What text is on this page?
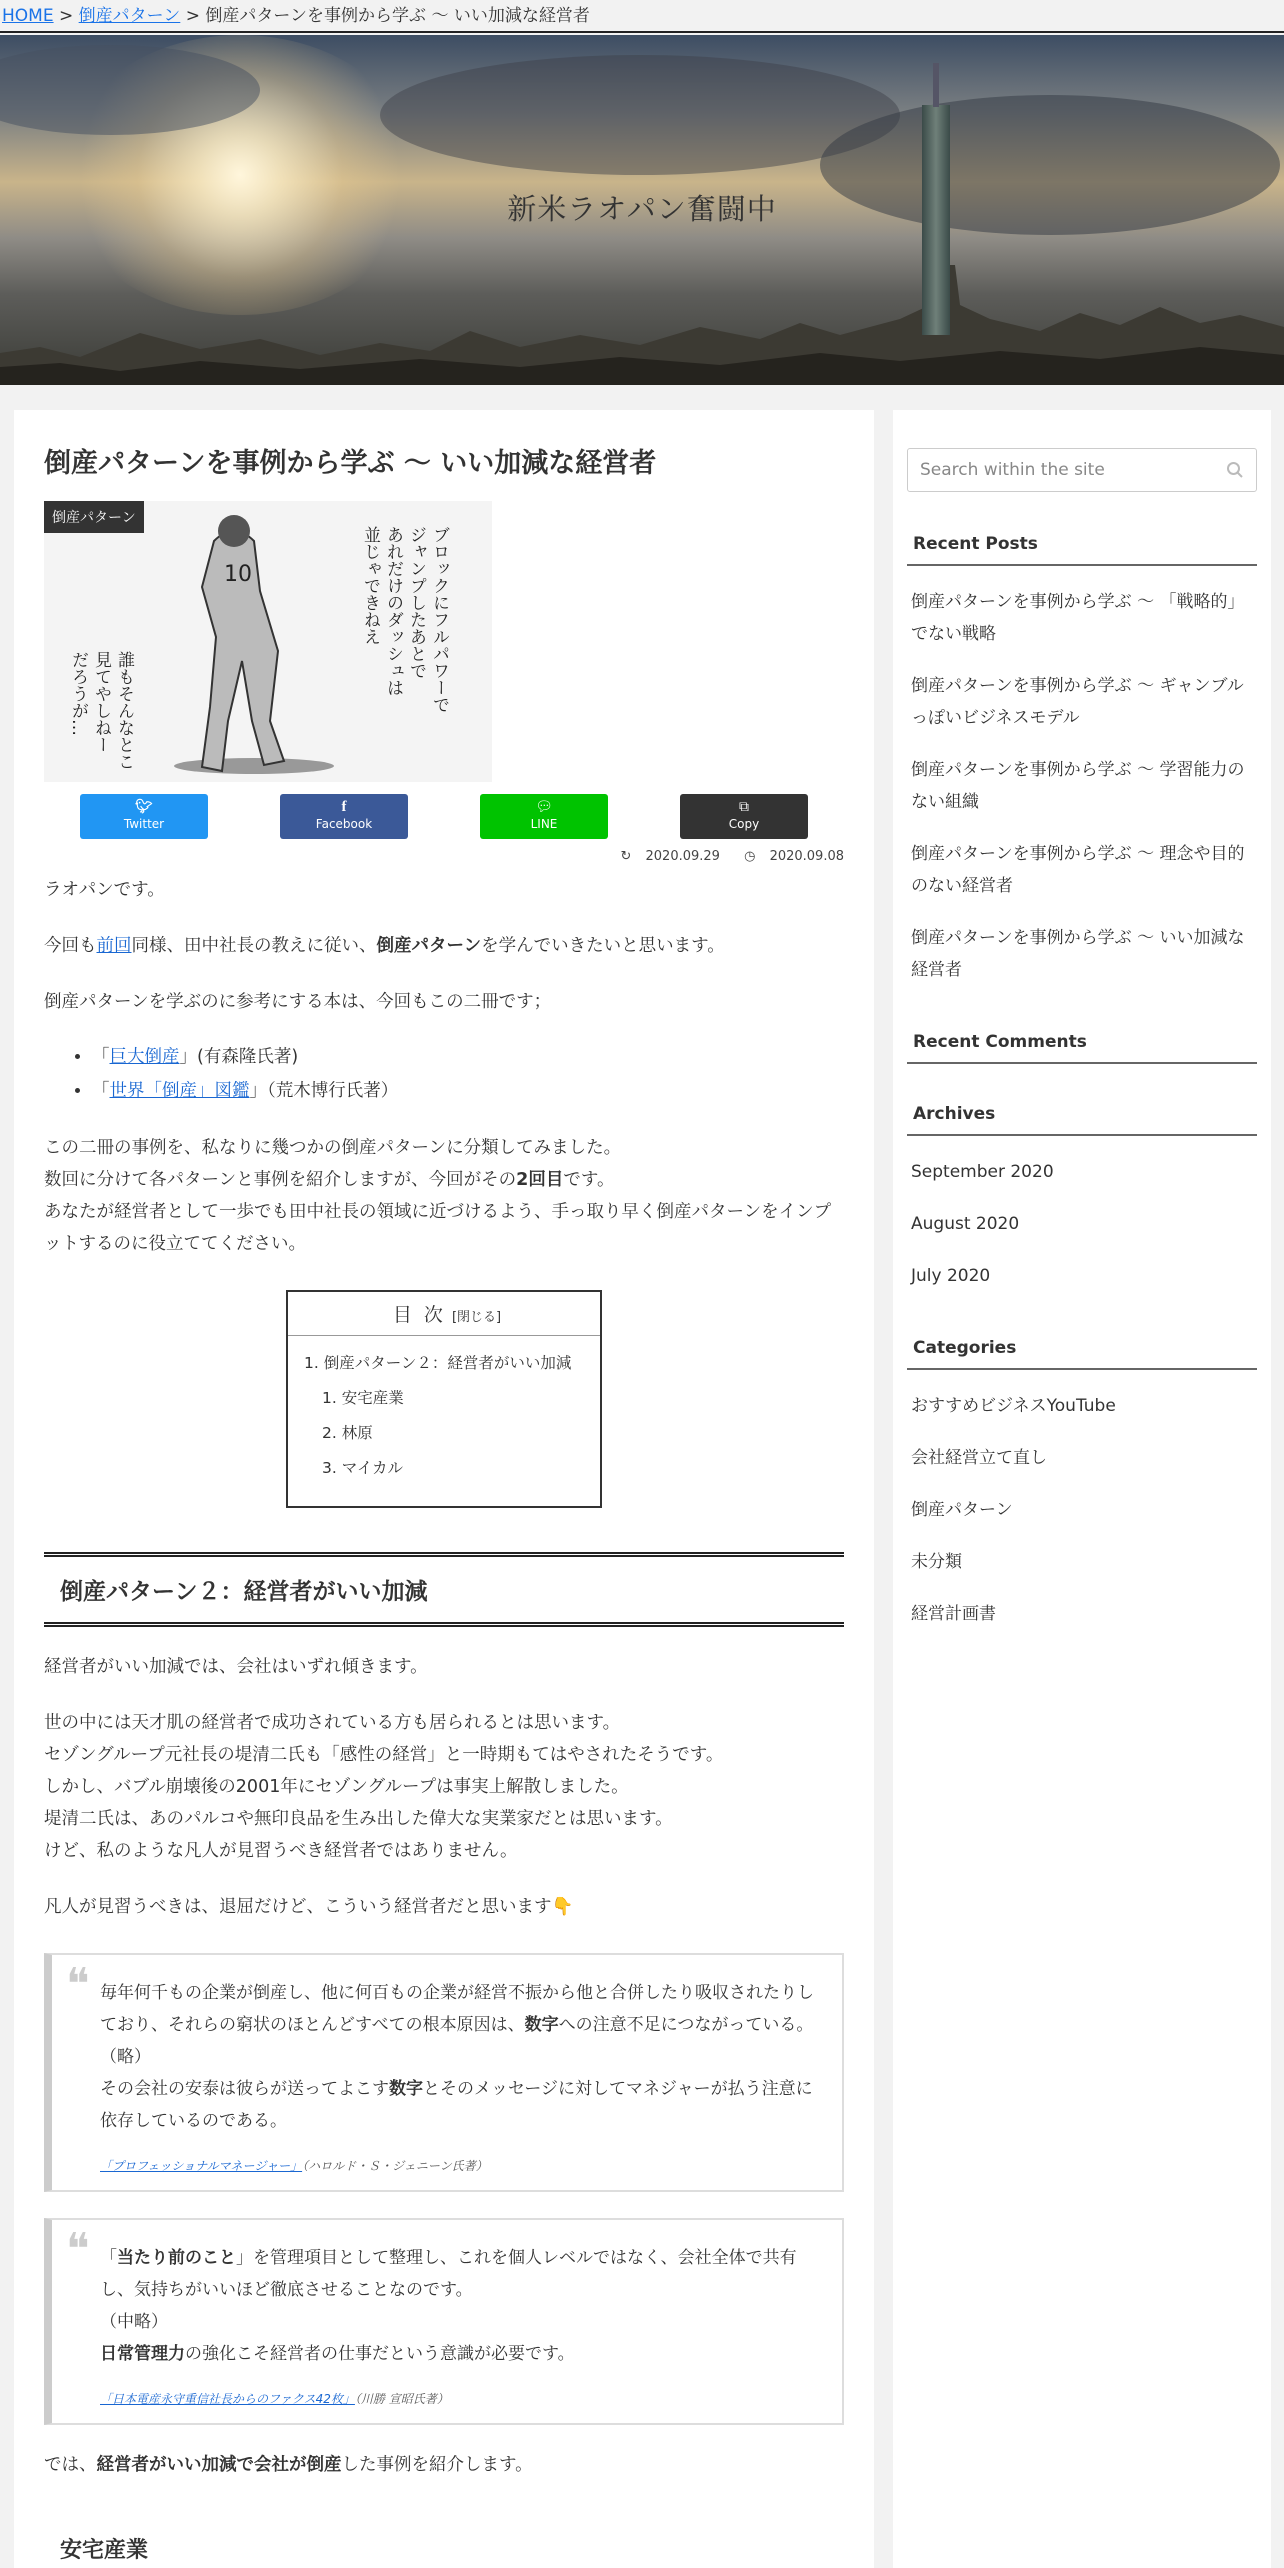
HOME > 倒産パターン > 倒産パターンを事例から学ぶ ～ いい加減な経営者
新米ラオパン奮闘中
倒産パターンを事例から学ぶ ～ いい加減な経営者
10	ブロックにフルパワーで
ジャンプしたあとで
あれだけのダッシュは
並じゃできねえ
誰もそんなとこ
見てやしねー
だろうが…
倒産パターン
🐦︎
Twitter
f
Facebook
💬︎
LINE
⧉
Copy
↻ 2020.09.29 ◷ 2020.09.08

ラオパンです。

今回も前回同様、田中社長の教えに従い、倒産パターンを学んでいきたいと思います。

倒産パターンを学ぶのに参考にする本は、今回もこの二冊です；

• 「巨大倒産」(有森隆氏著)
• 「世界「倒産」図鑑」（荒木博行氏著）
この二冊の事例を、私なりに幾つかの倒産パターンに分類してみました。
数回に分けて各パターンと事例を紹介しますが、今回がその2回目です。
あなたが経営者として一歩でも田中社長の領域に近づけるよう、手っ取り早く倒産パターンをインプットするのに役立ててください。
目 次 [閉じる]
1. 倒産パターン２：経営者がいい加減
1. 安宅産業
2. 林原
3. マイカル
倒産パターン２：経営者がいい加減

経営者がいい加減では、会社はいずれ傾きます。

世の中には天才肌の経営者で成功されている方も居られるとは思います。
セゾングループ元社長の堤清二氏も「感性の経営」と一時期もてはやされたそうです。
しかし、バブル崩壊後の2001年にセゾングループは事実上解散しました。
堤清二氏は、あのパルコや無印良品を生み出した偉大な実業家だとは思います。
けど、私のような凡人が見習うべき経営者ではありません。

凡人が見習うべきは、退屈だけど、こういう経営者だと思います👇

❝ 毎年何千もの企業が倒産し、他に何百もの企業が経営不振から他と合併したり吸収されたりしており、それらの窮状のほとんどすべての根本原因は、数字への注意不足につながっている。（略）
その会社の安泰は彼らが送ってよこす数字とそのメッセージに対してマネジャーが払う注意に依存しているのである。
「プロフェッショナルマネージャー」（ハロルド・Ｓ・ジェニーン氏著）
❝ 「当たり前のこと」を管理項目として整理し、これを個人レベルではなく、会社全体で共有し、気持ちがいいほど徹底させることなのです。
（中略）
日常管理力の強化こそ経営者の仕事だという意識が必要です。
「日本電産永守重信社長からのファクス42枚」（川勝 宣昭氏著）

では、経営者がいい加減で会社が倒産した事例を紹介します。

安宅産業
Search within the site
Recent Posts
倒産パターンを事例から学ぶ ～ 「戦略的」でない戦略
倒産パターンを事例から学ぶ ～ ギャンブルっぽいビジネスモデル
倒産パターンを事例から学ぶ ～ 学習能力のない組織
倒産パターンを事例から学ぶ ～ 理念や目的のない経営者
倒産パターンを事例から学ぶ ～ いい加減な経営者
Recent Comments
Archives
September 2020
August 2020
July 2020
Categories
おすすめビジネスYouTube
会社経営立て直し
倒産パターン
未分類
経営計画書
